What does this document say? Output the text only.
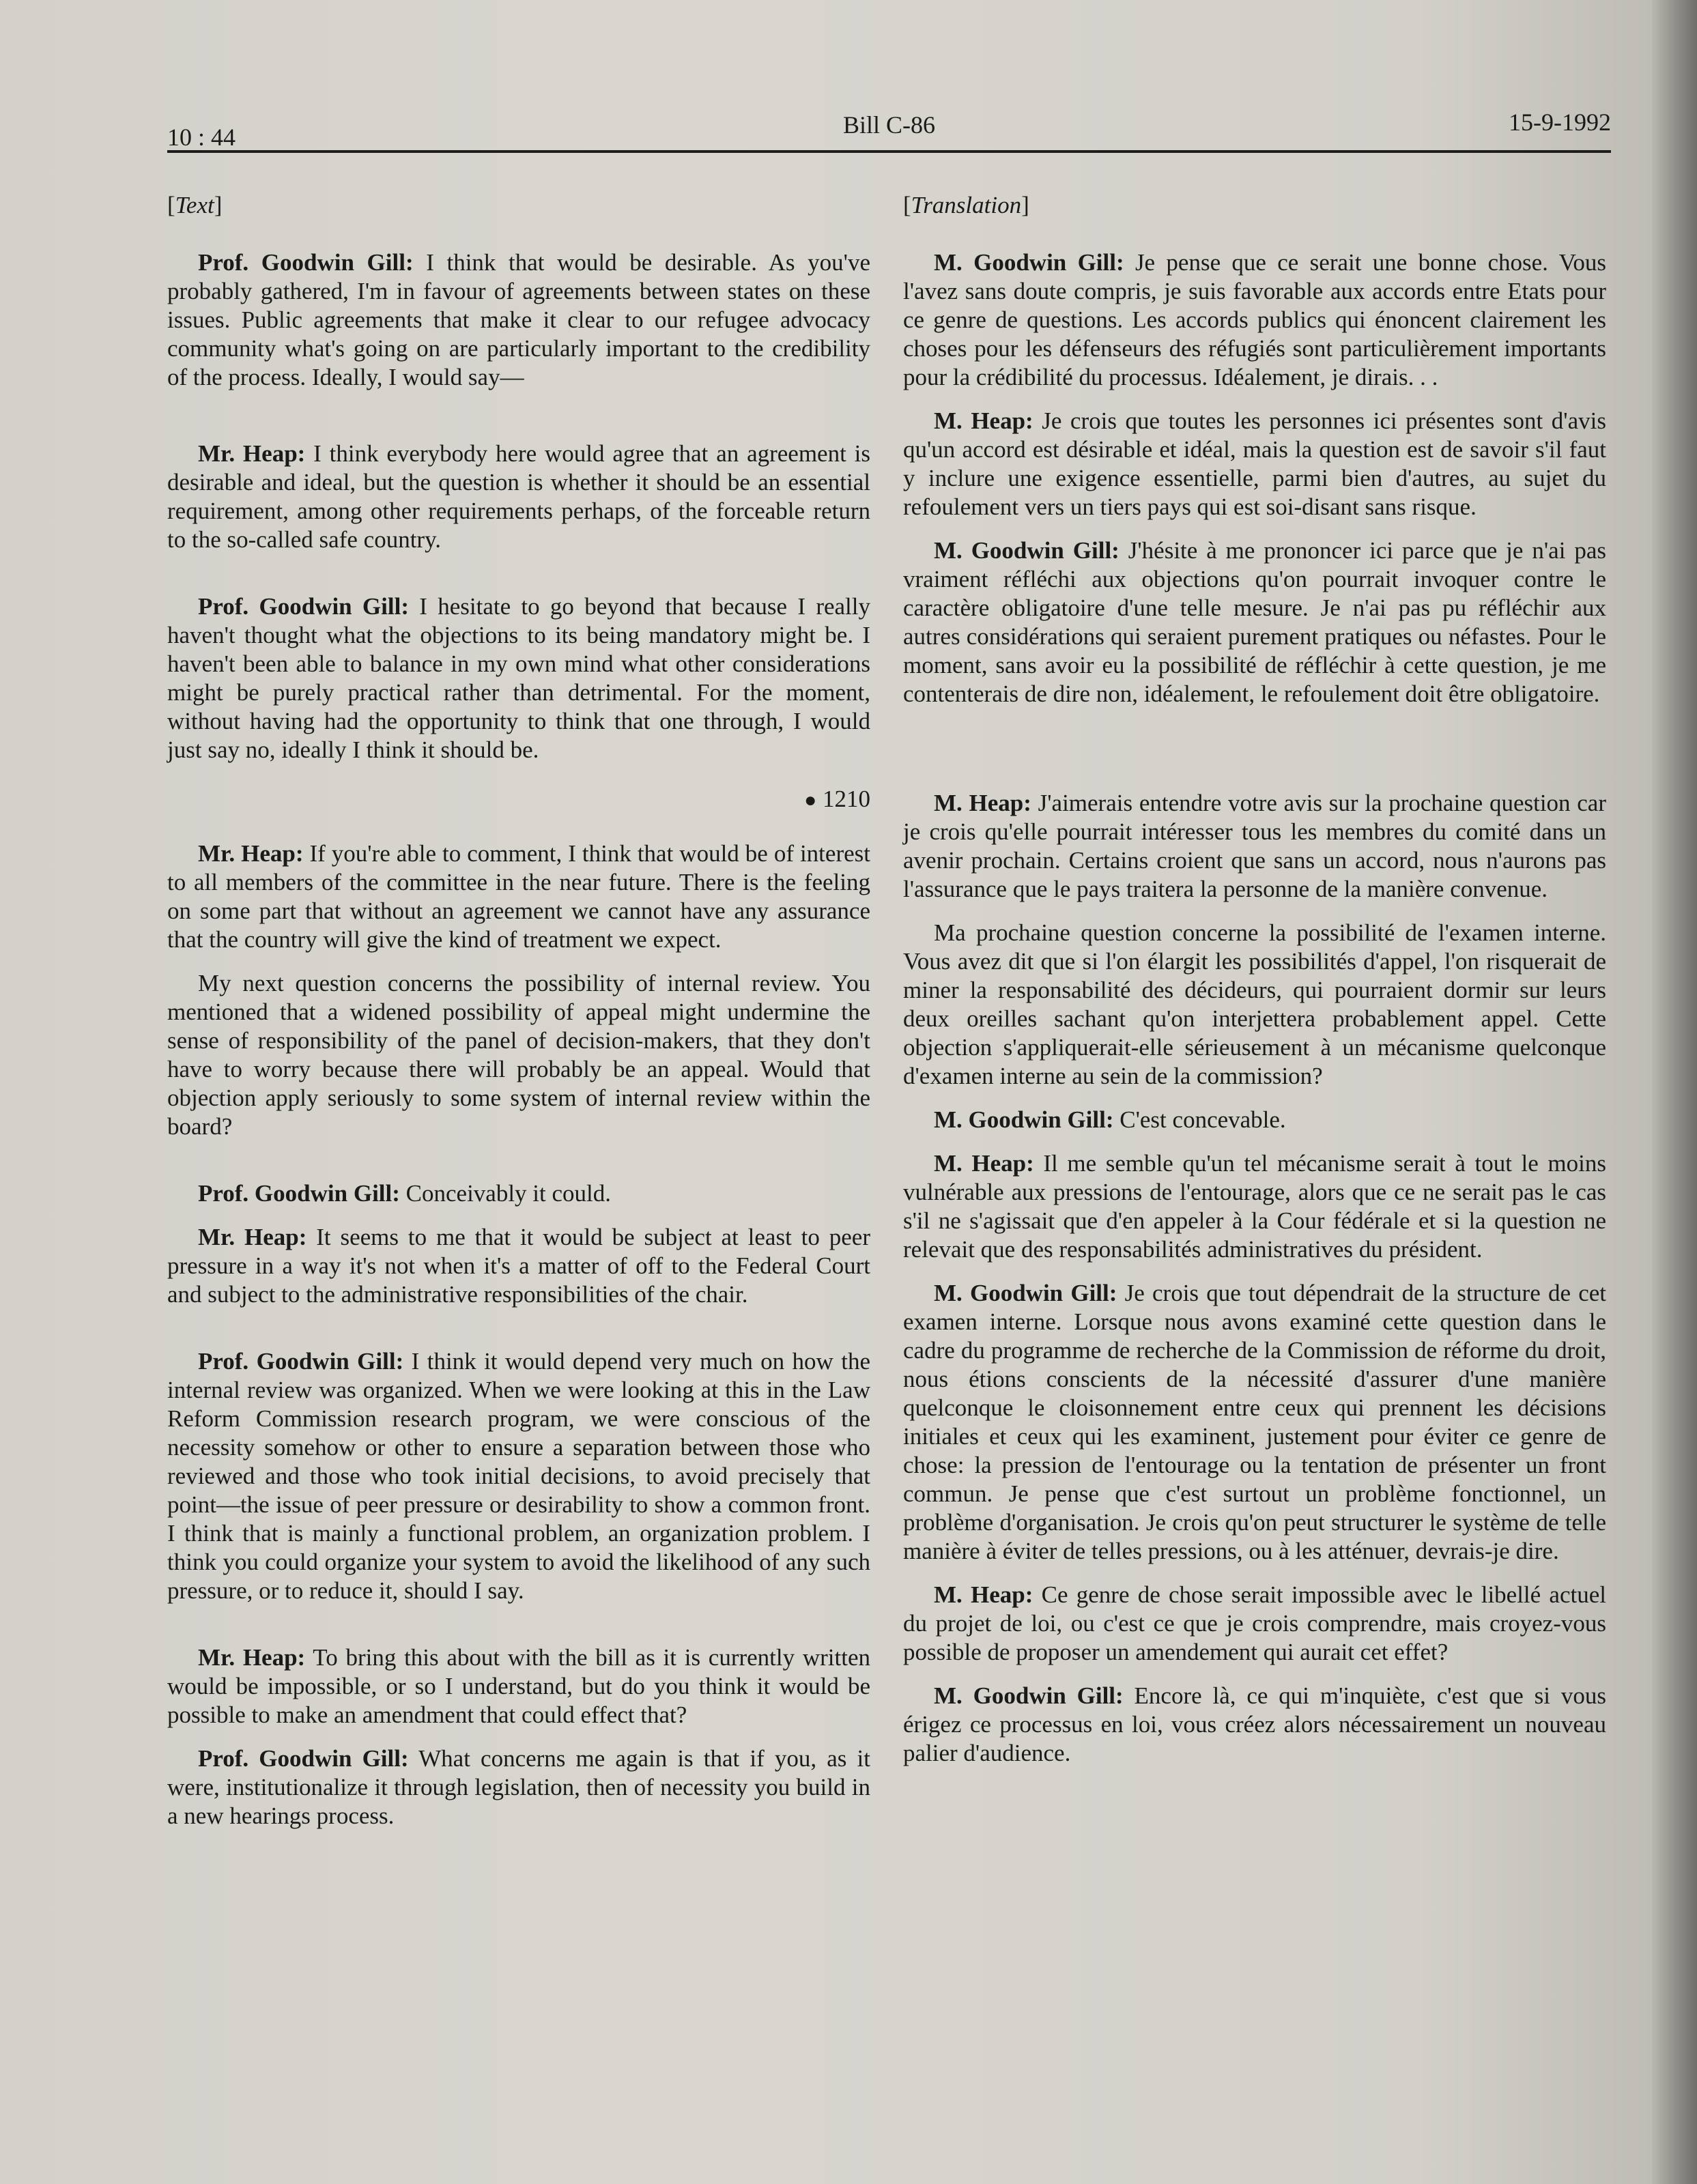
10 : 44	Bill C-86	15-9-1992
[Text]

Prof. Goodwin Gill: I think that would be desirable. As you've probably gathered, I'm in favour of agreements between states on these issues. Public agreements that make it clear to our refugee advocacy community what's going on are particularly important to the credibility of the process. Ideally, I would say—

Mr. Heap: I think everybody here would agree that an agreement is desirable and ideal, but the question is whether it should be an essential requirement, among other requirements perhaps, of the forceable return to the so-called safe country.

Prof. Goodwin Gill: I hesitate to go beyond that because I really haven't thought what the objections to its being mandatory might be. I haven't been able to balance in my own mind what other considerations might be purely practical rather than detrimental. For the moment, without having had the opportunity to think that one through, I would just say no, ideally I think it should be.

● 1210

Mr. Heap: If you're able to comment, I think that would be of interest to all members of the committee in the near future. There is the feeling on some part that without an agreement we cannot have any assurance that the country will give the kind of treatment we expect.

My next question concerns the possibility of internal review. You mentioned that a widened possibility of appeal might undermine the sense of responsibility of the panel of decision-makers, that they don't have to worry because there will probably be an appeal. Would that objection apply seriously to some system of internal review within the board?

Prof. Goodwin Gill: Conceivably it could.

Mr. Heap: It seems to me that it would be subject at least to peer pressure in a way it's not when it's a matter of off to the Federal Court and subject to the administrative responsibilities of the chair.

Prof. Goodwin Gill: I think it would depend very much on how the internal review was organized. When we were looking at this in the Law Reform Commission research program, we were conscious of the necessity somehow or other to ensure a separation between those who reviewed and those who took initial decisions, to avoid precisely that point—the issue of peer pressure or desirability to show a common front. I think that is mainly a functional problem, an organization problem. I think you could organize your system to avoid the likelihood of any such pressure, or to reduce it, should I say.

Mr. Heap: To bring this about with the bill as it is currently written would be impossible, or so I understand, but do you think it would be possible to make an amendment that could effect that?

Prof. Goodwin Gill: What concerns me again is that if you, as it were, institutionalize it through legislation, then of necessity you build in a new hearings process.

[Translation]

M. Goodwin Gill: Je pense que ce serait une bonne chose. Vous l'avez sans doute compris, je suis favorable aux accords entre Etats pour ce genre de questions. Les accords publics qui énoncent clairement les choses pour les défenseurs des réfugiés sont particulièrement importants pour la crédibilité du processus. Idéalement, je dirais. . .

M. Heap: Je crois que toutes les personnes ici présentes sont d'avis qu'un accord est désirable et idéal, mais la question est de savoir s'il faut y inclure une exigence essentielle, parmi bien d'autres, au sujet du refoulement vers un tiers pays qui est soi-disant sans risque.

M. Goodwin Gill: J'hésite à me prononcer ici parce que je n'ai pas vraiment réfléchi aux objections qu'on pourrait invoquer contre le caractère obligatoire d'une telle mesure. Je n'ai pas pu réfléchir aux autres considérations qui seraient purement pratiques ou néfastes. Pour le moment, sans avoir eu la possibilité de réfléchir à cette question, je me contenterais de dire non, idéalement, le refoulement doit être obligatoire.

M. Heap: J'aimerais entendre votre avis sur la prochaine question car je crois qu'elle pourrait intéresser tous les membres du comité dans un avenir prochain. Certains croient que sans un accord, nous n'aurons pas l'assurance que le pays traitera la personne de la manière convenue.

Ma prochaine question concerne la possibilité de l'examen interne. Vous avez dit que si l'on élargit les possibilités d'appel, l'on risquerait de miner la responsabilité des décideurs, qui pourraient dormir sur leurs deux oreilles sachant qu'on interjettera probablement appel. Cette objection s'appliquerait-elle sérieusement à un mécanisme quelconque d'examen interne au sein de la commission?

M. Goodwin Gill: C'est concevable.

M. Heap: Il me semble qu'un tel mécanisme serait à tout le moins vulnérable aux pressions de l'entourage, alors que ce ne serait pas le cas s'il ne s'agissait que d'en appeler à la Cour fédérale et si la question ne relevait que des responsabilités administratives du président.

M. Goodwin Gill: Je crois que tout dépendrait de la structure de cet examen interne. Lorsque nous avons examiné cette question dans le cadre du programme de recherche de la Commission de réforme du droit, nous étions conscients de la nécessité d'assurer d'une manière quelconque le cloisonnement entre ceux qui prennent les décisions initiales et ceux qui les examinent, justement pour éviter ce genre de chose: la pression de l'entourage ou la tentation de présenter un front commun. Je pense que c'est surtout un problème fonctionnel, un problème d'organisation. Je crois qu'on peut structurer le système de telle manière à éviter de telles pressions, ou à les atténuer, devrais-je dire.

M. Heap: Ce genre de chose serait impossible avec le libellé actuel du projet de loi, ou c'est ce que je crois comprendre, mais croyez-vous possible de proposer un amendement qui aurait cet effet?

M. Goodwin Gill: Encore là, ce qui m'inquiète, c'est que si vous érigez ce processus en loi, vous créez alors nécessairement un nouveau palier d'audience.
